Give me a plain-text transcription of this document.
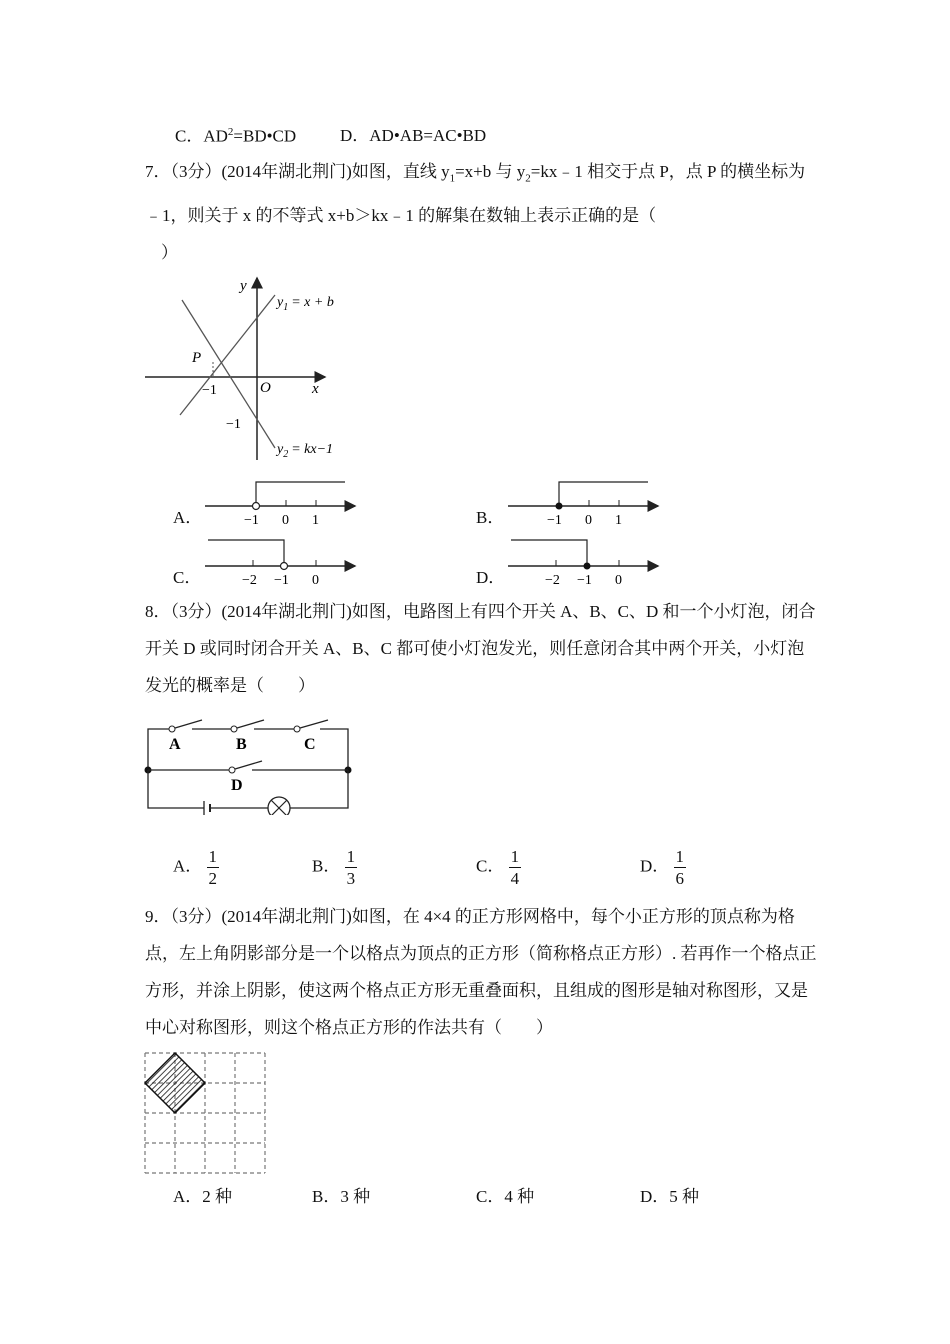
C．$AD^2=BD•CD$	D．AD•AB=AC•BD
7．（3分）(2014年湖北荆门)如图，直线 $y_1=x+b$ 与 $y_2=kx﹣1$ 相交于点 P，点 P 的横坐标为﹣1，则关于 x 的不等式 x+b＞kx﹣1 的解集在数轴上表示正确的是（
）
y
x
O
P
−1
−1
$y_1 = x + b$
$y_2 = kx-1$
A．	−1 0 1	B．	−1 0 1
C．	−2 −1 0	D．	−2 −1 0
8．（3分）(2014年湖北荆门)如图，电路图上有四个开关 A、B、C、D 和一个小灯泡，闭合开关 D 或同时闭合开关 A、B、C 都可使小灯泡发光，则任意闭合其中两个开关，小灯泡发光的概率是（　　）
A	B	C
D
A． $\frac{1}{2}$	B． $\frac{1}{3}$	C． $\frac{1}{4}$	D． $\frac{1}{6}$
9．（3分）(2014年湖北荆门)如图，在 4×4 的正方形网格中，每个小正方形的顶点称为格点，左上角阴影部分是一个以格点为顶点的正方形（简称格点正方形）. 若再作一个格点正方形，并涂上阴影，使这两个格点正方形无重叠面积，且组成的图形是轴对称图形，又是中心对称图形，则这个格点正方形的作法共有（　　）
A．2 种	B．3 种	C．4 种	D．5 种
